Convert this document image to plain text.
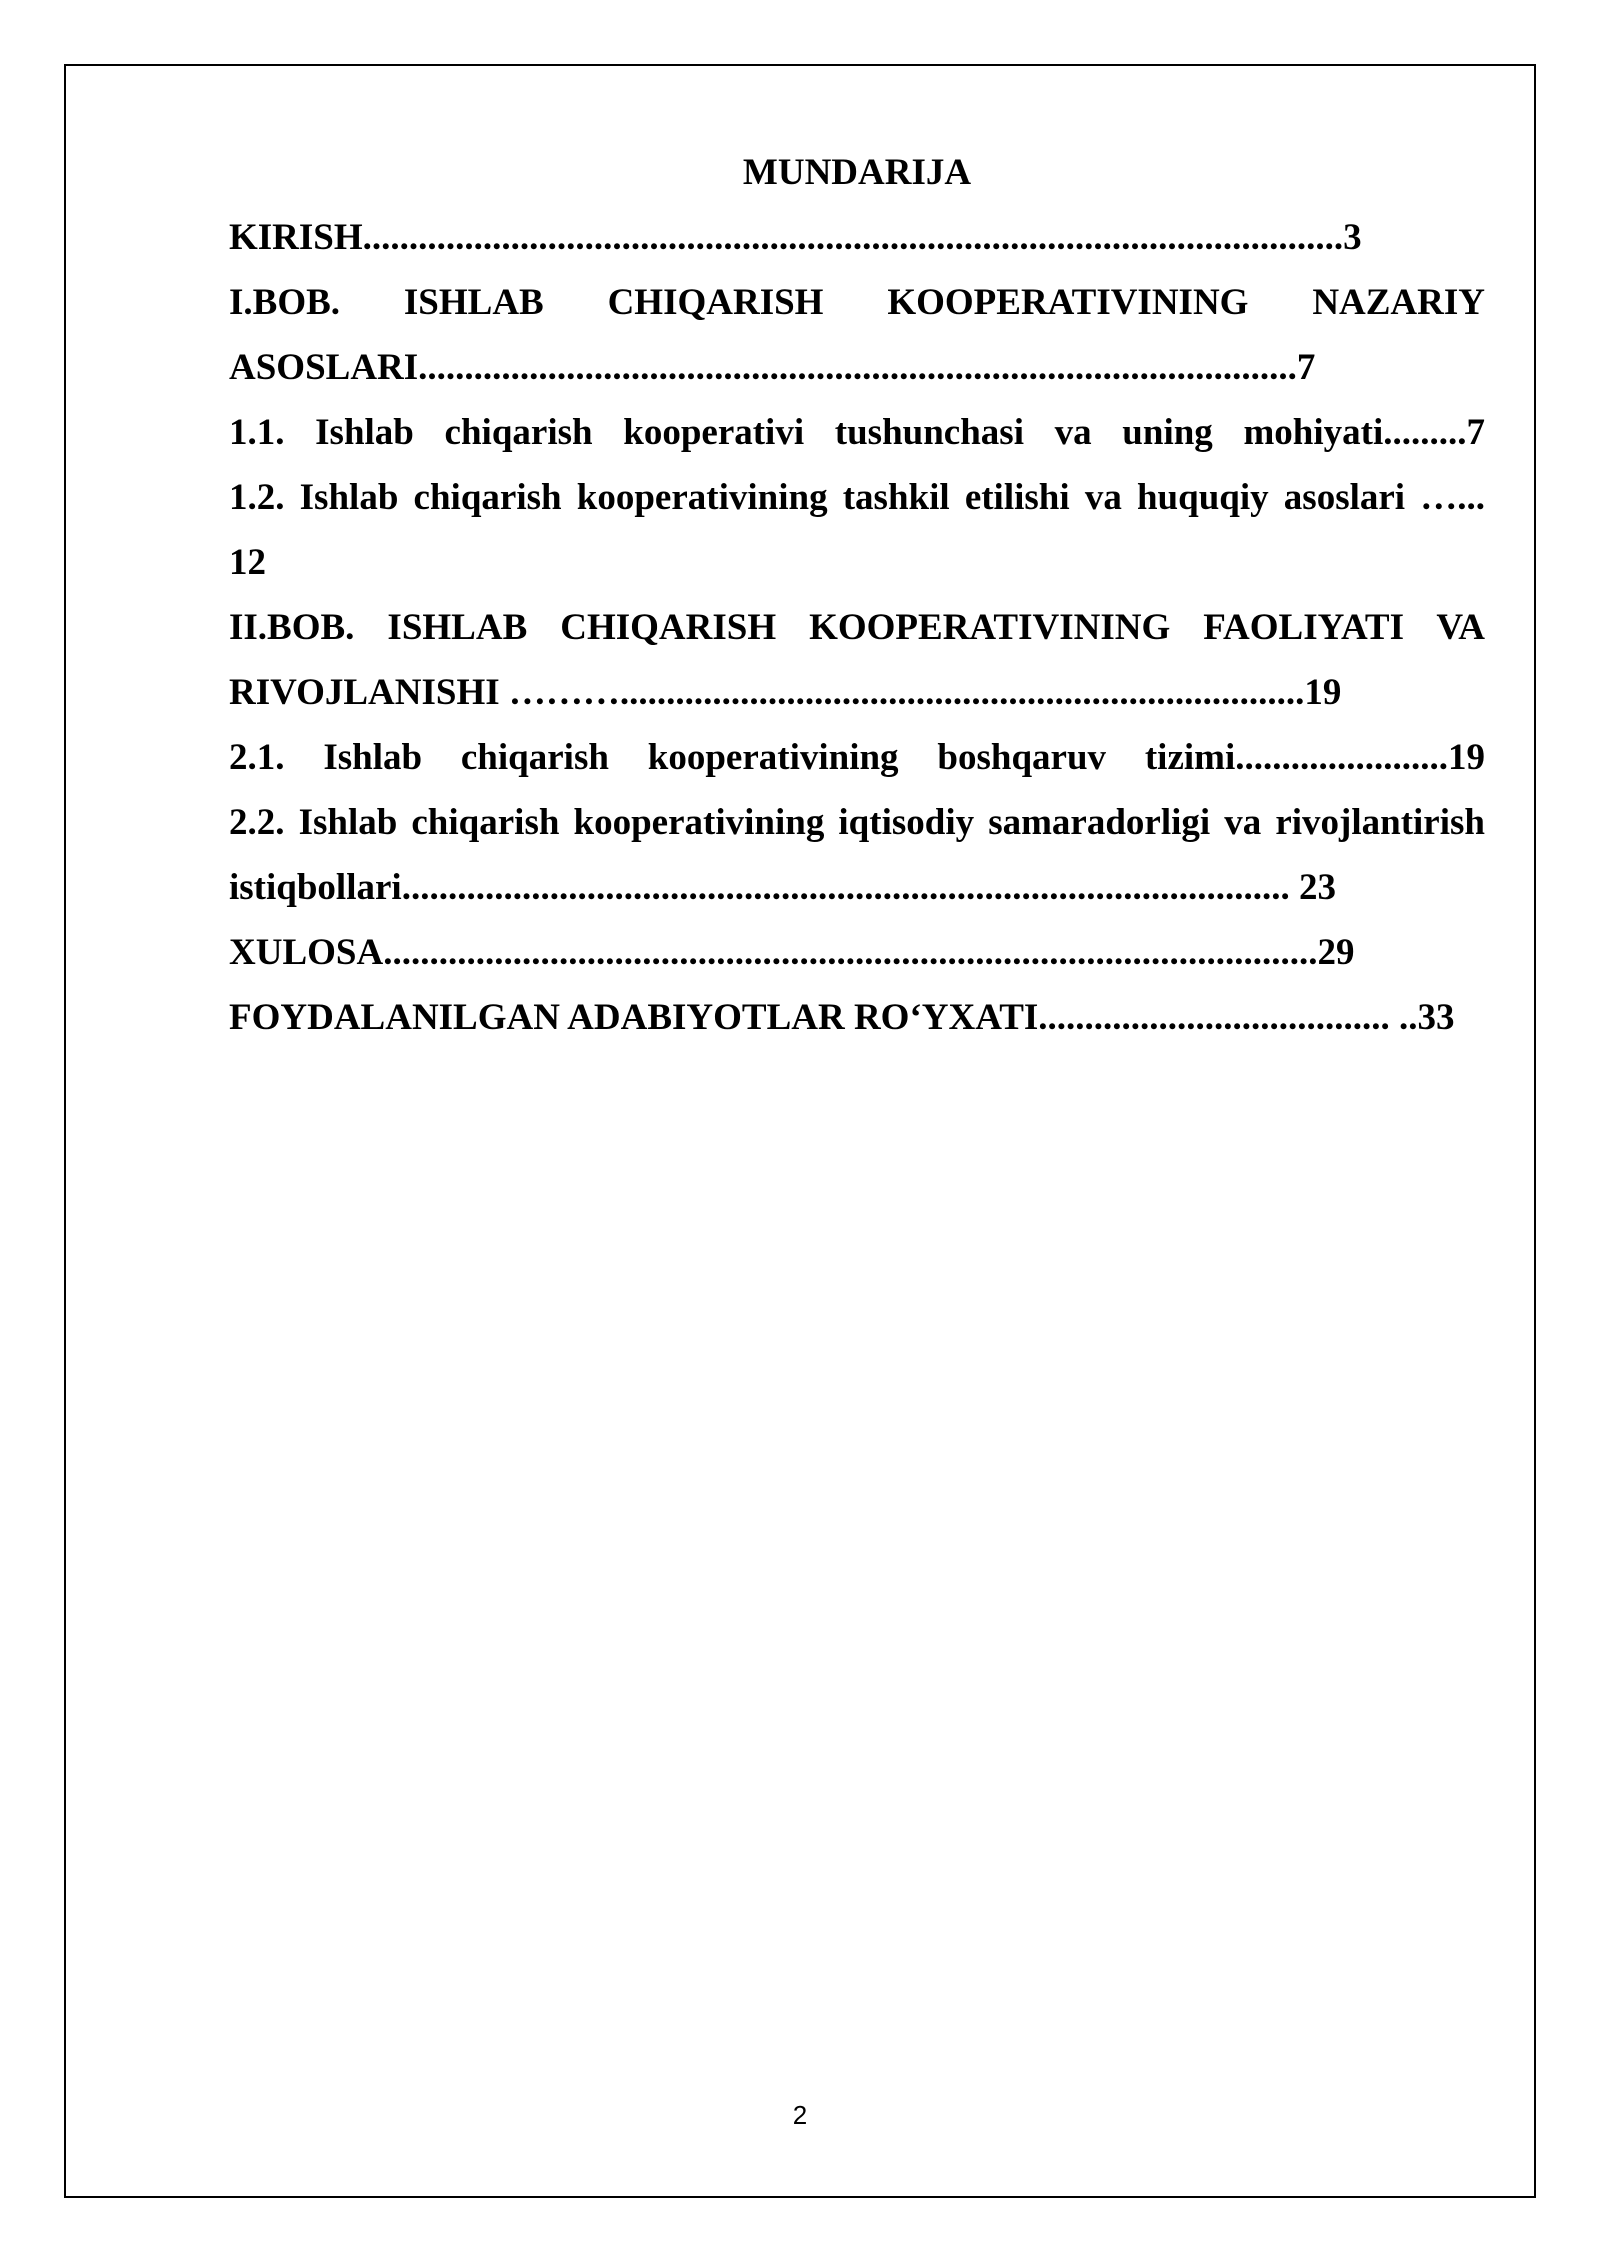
MUNDARIJA
KIRISH..........................................................................................................3
I.BOB. ISHLAB CHIQARISH KOOPERATIVINING NAZARIY
ASOSLARI...............................................................................................7
1.1. Ishlab chiqarish kooperativi tushunchasi va uning mohiyati.........7
1.2. Ishlab chiqarish kooperativining tashkil etilishi va huquqiy asoslari …...
12
II.BOB. ISHLAB CHIQARISH KOOPERATIVINING FAOLIYATI VA
RIVOJLANISHI ………..........................................................................19
2.1. Ishlab chiqarish kooperativining boshqaruv tizimi.......................19
2.2. Ishlab chiqarish kooperativining iqtisodiy samaradorligi va rivojlantirish
istiqbollari................................................................................................ 23
XULOSA.....................................................................................................29
FOYDALANILGAN ADABIYOTLAR RO‘YXATI...................................... ..33
2
